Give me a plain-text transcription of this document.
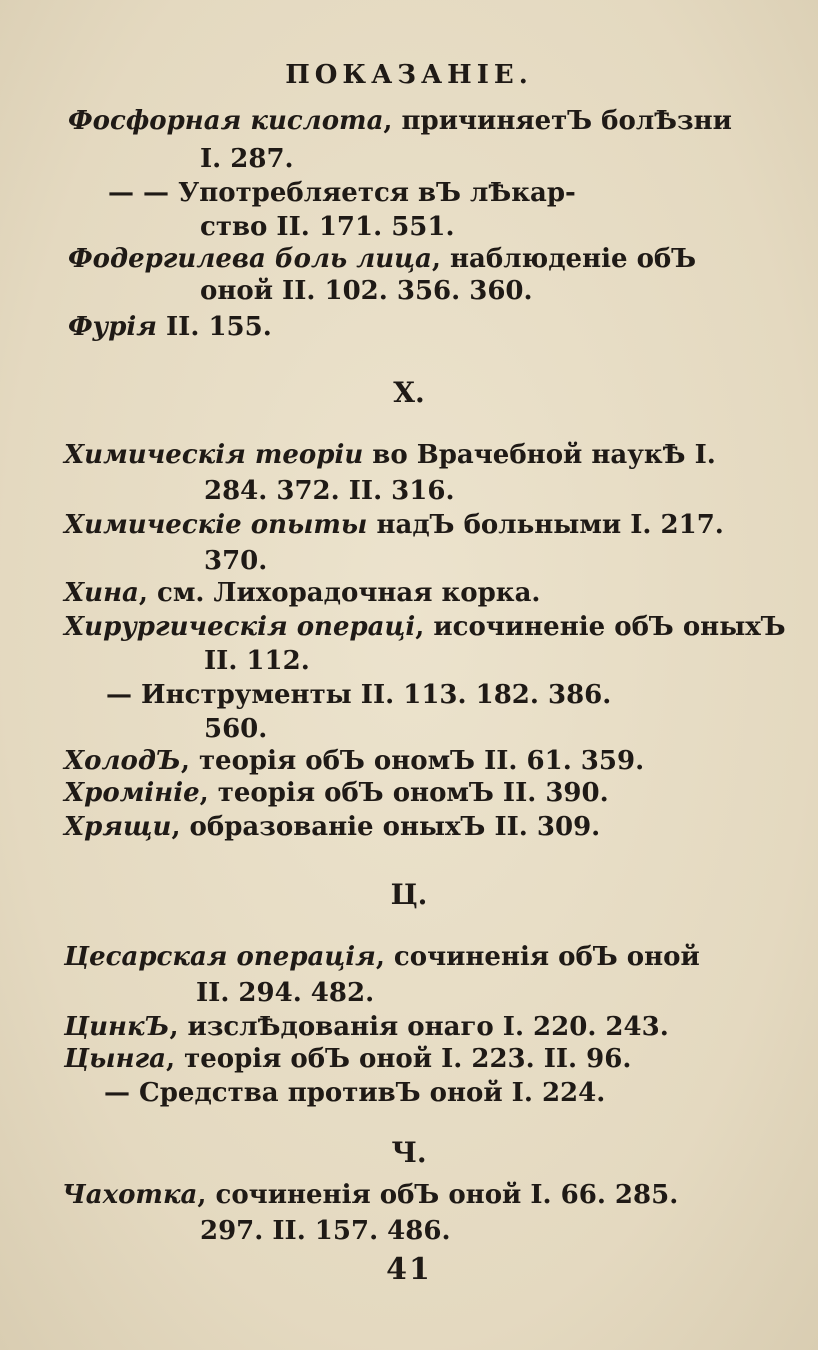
ПОКАЗАНІЕ.
Фосфорная кислота, причиняетЪ болѢзни
I. 287.
— — Употребляется вЪ лѢкар-
ство II. 171. 551.
Фодергилева боль лица, наблюденіе обЪ
оной II. 102. 356. 360.
Фурія II. 155.
Х.
Химическія теоріи во Врачебной наукѢ I.
284. 372. II. 316.
Химическіе опыты надЪ больными I. 217.
370.
Хина, см. Лихорадочная корка.
Хирургическія операці, исочиненіе обЪ оныхЪ
II. 112.
— Инструменты II. 113. 182. 386.
560.
ХолодЪ, теорія обЪ ономЪ II. 61. 359.
Хромініе, теорія обЪ ономЪ II. 390.
Хрящи, образованіе оныхЪ II. 309.
Ц.
Цесарская операція, сочиненія обЪ оной
II. 294. 482.
ЦинкЪ, изслѢдованія онаго I. 220. 243.
Цынга, теорія обЪ оной I. 223. II. 96.
— Средства противЪ оной I. 224.
Ч.
Чахотка, сочиненія обЪ оной I. 66. 285.
297. II. 157. 486.
41
